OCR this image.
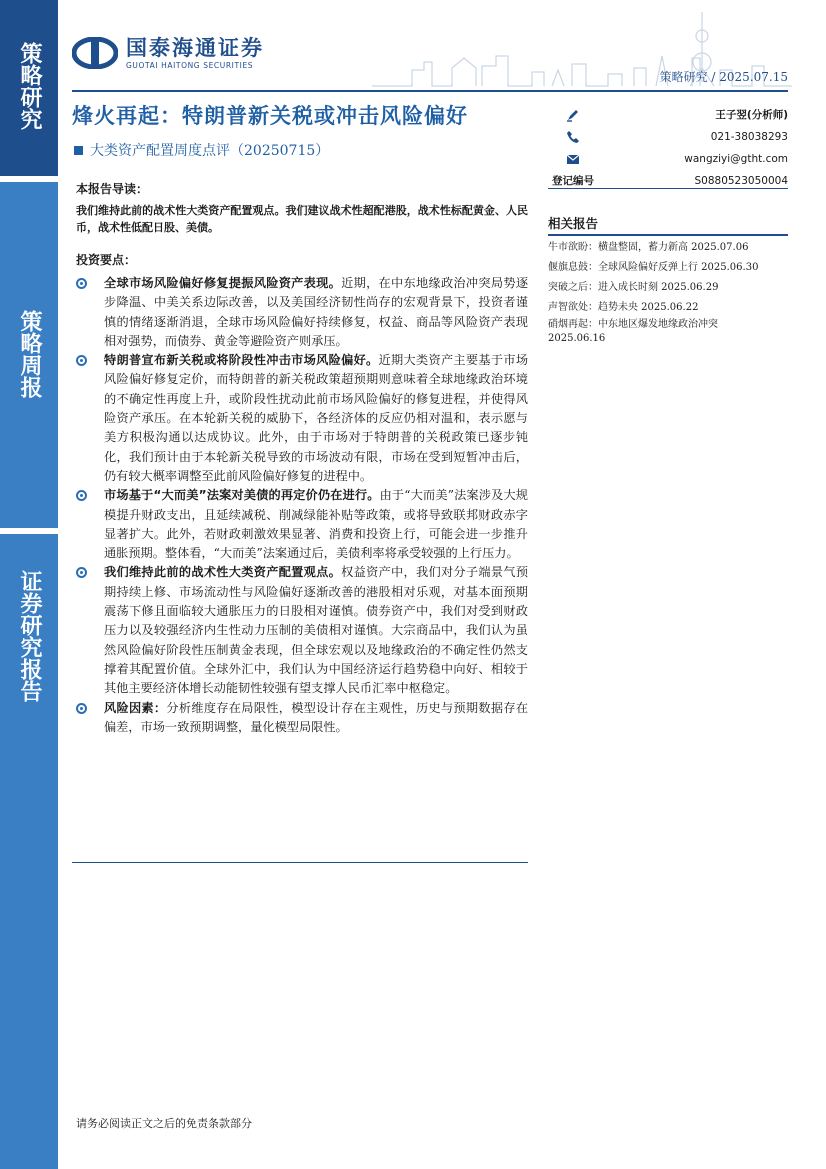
策略研究
策略周报
证券研究报告
国泰海通证券
GUOTAI HAITONG SECURITIES
策略研究 / 2025.07.15
烽火再起：特朗普新关税或冲击风险偏好
大类资产配置周度点评（20250715）
王子翌(分析师)
021-38038293
wangziyi@gtht.com
登记编号	S0880523050004
相关报告
牛市欲盼：横盘整固，蓄力新高 2025.07.06
偃旗息鼓：全球风险偏好反弹上行 2025.06.30
突破之后：进入成长时刻 2025.06.29
声智欲处：趋势未央 2025.06.22
硝烟再起：中东地区爆发地缘政治冲突
2025.06.16
本报告导读：
我们维持此前的战术性大类资产配置观点。我们建议战术性超配港股，战术性标配黄金、人民币，战术性低配日股、美债。
投资要点：
全球市场风险偏好修复提振风险资产表现。近期，在中东地缘政治冲突局势逐步降温、中美关系边际改善，以及美国经济韧性尚存的宏观背景下，投资者谨慎的情绪逐渐消退，全球市场风险偏好持续修复，权益、商品等风险资产表现相对强势，而债券、黄金等避险资产则承压。
特朗普宣布新关税或将阶段性冲击市场风险偏好。近期大类资产主要基于市场风险偏好修复定价，而特朗普的新关税政策超预期则意味着全球地缘政治环境的不确定性再度上升，或阶段性扰动此前市场风险偏好的修复进程，并使得风险资产承压。在本轮新关税的威胁下，各经济体的反应仍相对温和，表示愿与美方积极沟通以达成协议。此外，由于市场对于特朗普的关税政策已逐步钝化，我们预计由于本轮新关税导致的市场波动有限，市场在受到短暂冲击后，仍有较大概率调整至此前风险偏好修复的进程中。
市场基于“大而美”法案对美债的再定价仍在进行。由于“大而美”法案涉及大规模提升财政支出，且延续减税、削减绿能补贴等政策，或将导致联邦财政赤字显著扩大。此外，若财政刺激效果显著、消费和投资上行，可能会进一步推升通胀预期。整体看，“大而美”法案通过后，美债利率将承受较强的上行压力。
我们维持此前的战术性大类资产配置观点。权益资产中，我们对分子端景气预期持续上修、市场流动性与风险偏好逐渐改善的港股相对乐观，对基本面预期震荡下修且面临较大通胀压力的日股相对谨慎。债券资产中，我们对受到财政压力以及较强经济内生性动力压制的美债相对谨慎。大宗商品中，我们认为虽然风险偏好阶段性压制黄金表现，但全球宏观以及地缘政治的不确定性仍然支撑着其配置价值。全球外汇中，我们认为中国经济运行趋势稳中向好、相较于其他主要经济体增长动能韧性较强有望支撑人民币汇率中枢稳定。
风险因素：分析维度存在局限性，模型设计存在主观性，历史与预期数据存在偏差，市场一致预期调整，量化模型局限性。
请务必阅读正文之后的免责条款部分
